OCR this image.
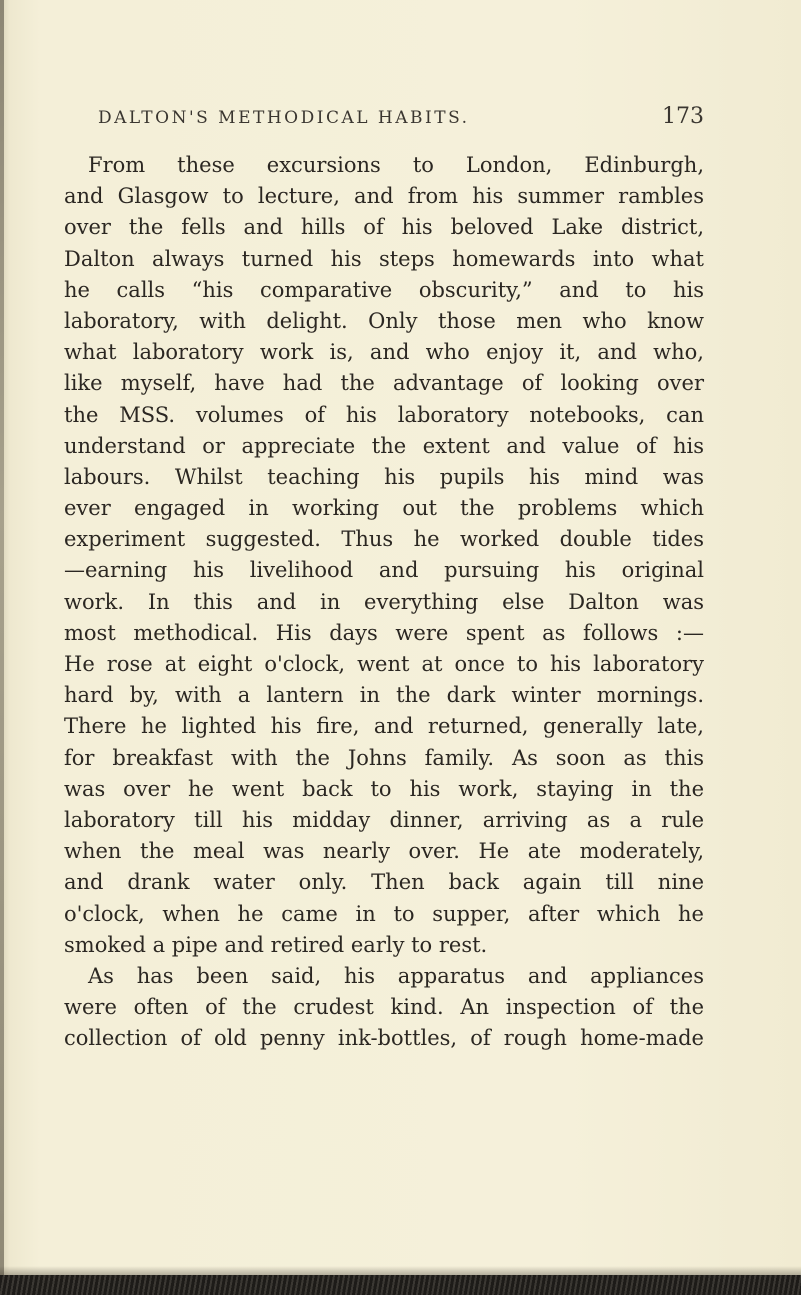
DALTON'S METHODICAL HABITS.	173
From these excursions to London, Edinburgh,
and Glasgow to lecture, and from his summer rambles
over the fells and hills of his beloved Lake district,
Dalton always turned his steps homewards into what
he calls “his comparative obscurity,” and to his
laboratory, with delight. Only those men who know
what laboratory work is, and who enjoy it, and who,
like myself, have had the advantage of looking over
the MSS. volumes of his laboratory notebooks, can
understand or appreciate the extent and value of his
labours. Whilst teaching his pupils his mind was
ever engaged in working out the problems which
experiment suggested. Thus he worked double tides
—earning his livelihood and pursuing his original
work. In this and in everything else Dalton was
most methodical. His days were spent as follows :—
He rose at eight o'clock, went at once to his laboratory
hard by, with a lantern in the dark winter mornings.
There he lighted his fire, and returned, generally late,
for breakfast with the Johns family. As soon as this
was over he went back to his work, staying in the
laboratory till his midday dinner, arriving as a rule
when the meal was nearly over. He ate moderately,
and drank water only. Then back again till nine
o'clock, when he came in to supper, after which he
smoked a pipe and retired early to rest.
As has been said, his apparatus and appliances
were often of the crudest kind. An inspection of the
collection of old penny ink-bottles, of rough home-made
